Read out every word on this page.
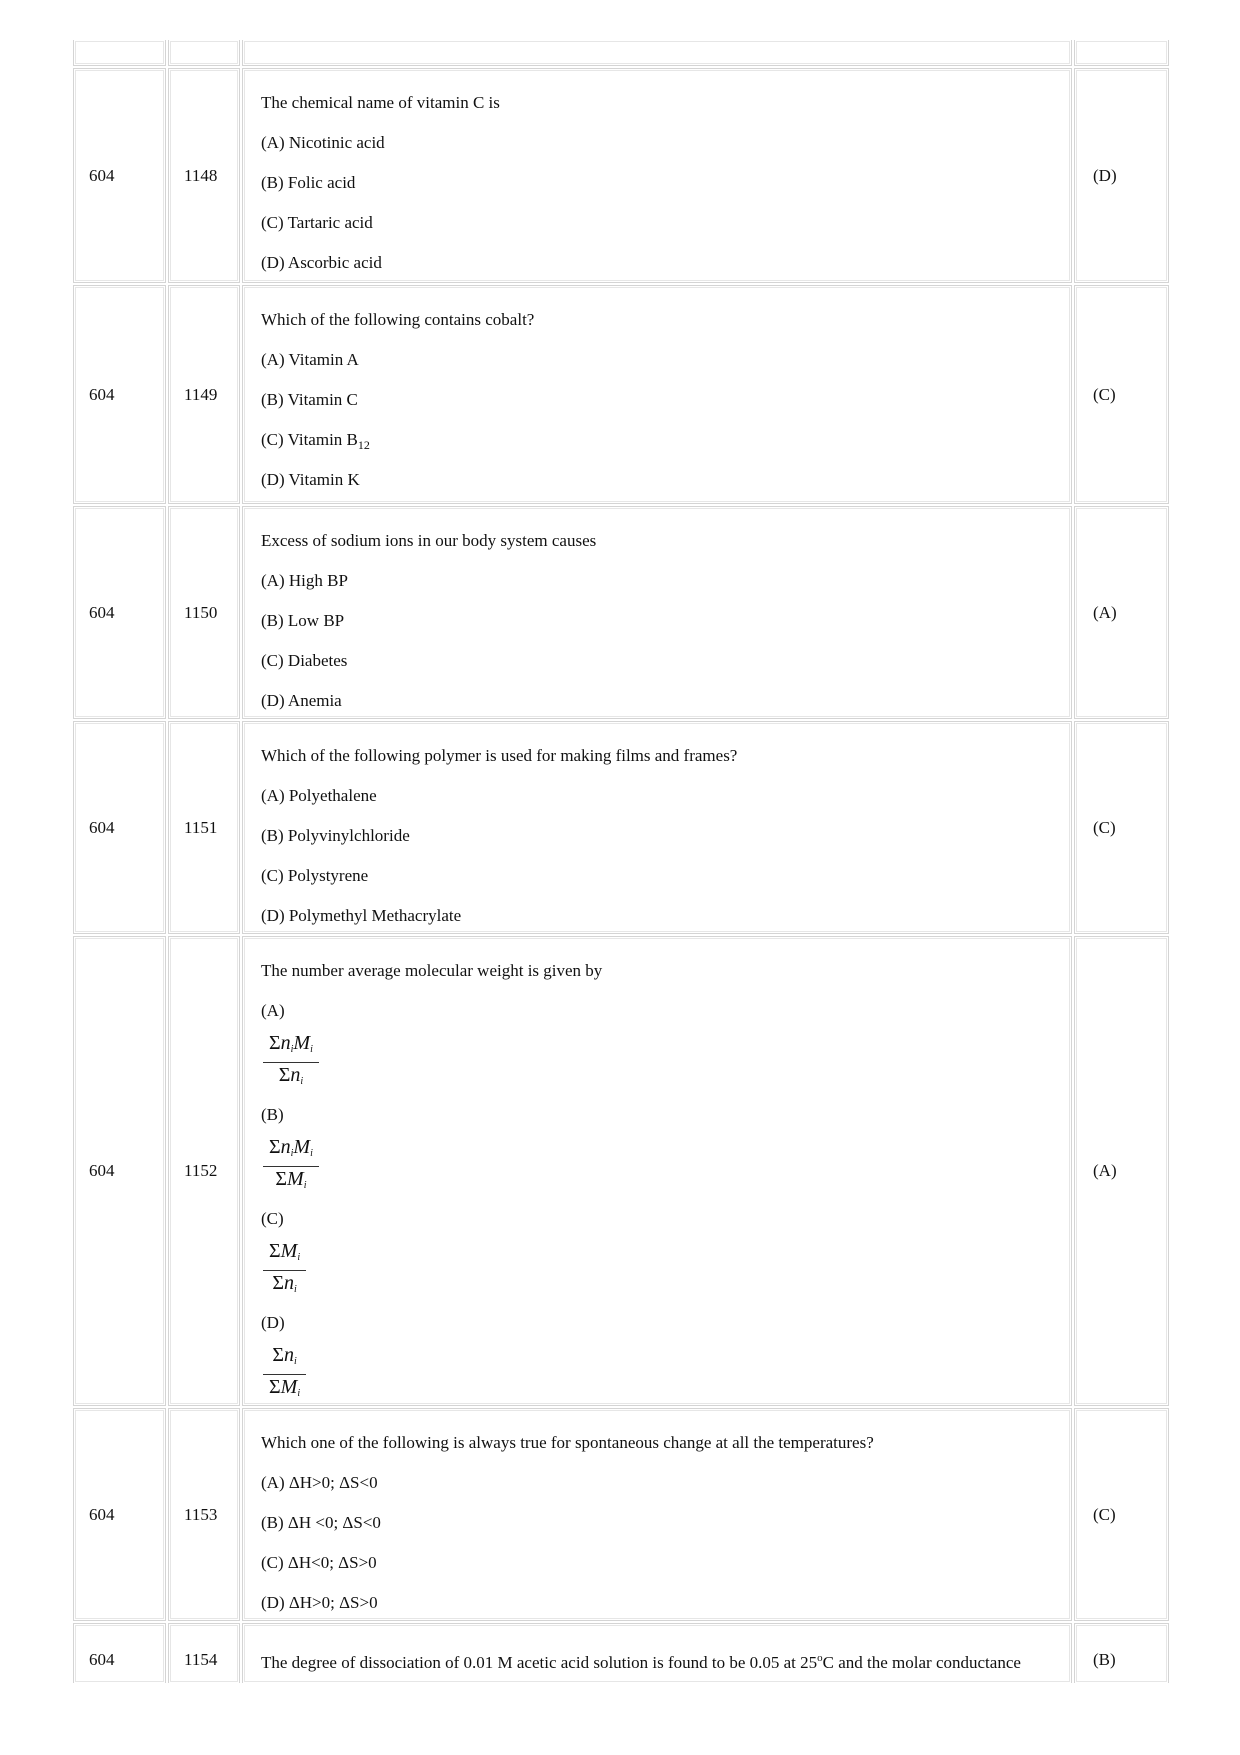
604	1148

The chemical name of vitamin C is

(A) Nicotinic acid

(B) Folic acid

(C) Tartaric acid

(D) Ascorbic acid

(D)
604	1149

Which of the following contains cobalt?

(A) Vitamin A

(B) Vitamin C

(C) Vitamin $B_{12}$

(D) Vitamin K

(C)
604	1150

Excess of sodium ions in our body system causes

(A) High BP

(B) Low BP

(C) Diabetes

(D) Anemia

(A)
604	1151

Which of the following polymer is used for making films and frames?

(A) Polyethalene

(B) Polyvinylchloride

(C) Polystyrene

(D) Polymethyl Methacrylate

(C)
604	1152

The number average molecular weight is given by

(A)

$\frac{\text{ΣniMi}}{\text{Σni}}$

(B)

$\frac{\text{ΣniMi}}{\text{ΣMi}}$

(C)

$\frac{\text{ΣMi}}{\text{Σni}}$

(D)

$\frac{\text{Σni}}{\text{ΣMi}}$
(A)
604	1153

Which one of the following is always true for spontaneous change at all the temperatures?

(A) ΔH>0; ΔS<0

(B) ΔH <0; ΔS<0

(C) ΔH<0; ΔS>0

(D) ΔH>0; ΔS>0

(C)
604	1154	The degree of dissociation of 0.01 M acetic acid solution is found to be 0.05 at 25$^o$C and the molar conductance	(B)
